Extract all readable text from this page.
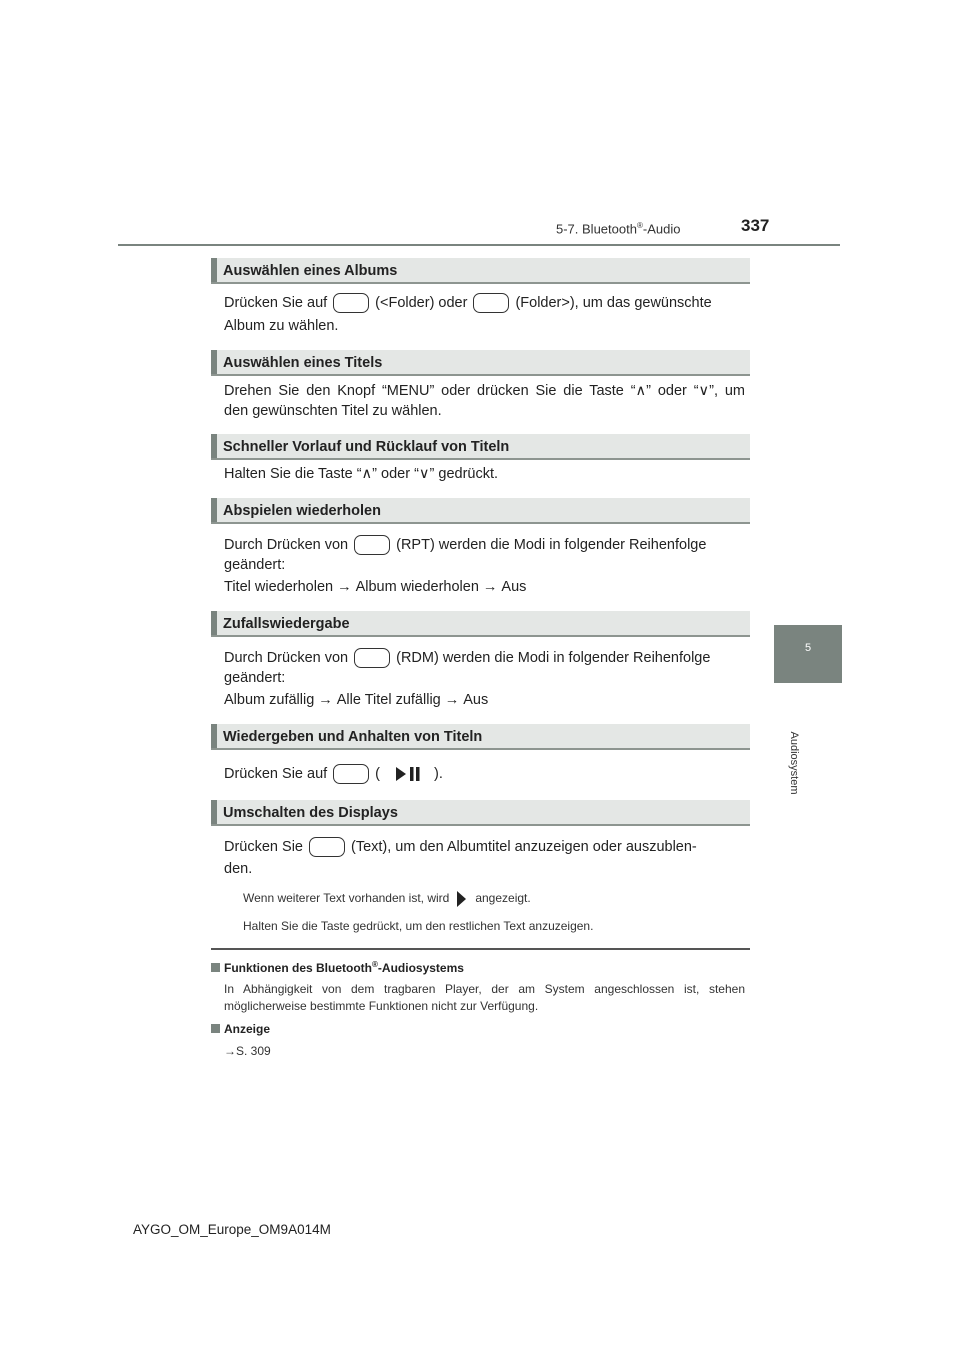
5-7. Bluetooth®-Audio	337
5
Audiosystem
Auswählen eines Albums
Drücken Sie auf	(<Folder) oder	(Folder>), um das gewünschte
Album zu wählen.
Auswählen eines Titels
Drehen Sie den Knopf “MENU” oder drücken Sie die Taste “∧” oder “∨”, um
den gewünschten Titel zu wählen.
Schneller Vorlauf und Rücklauf von Titeln
Halten Sie die Taste “∧” oder “∨” gedrückt.
Abspielen wiederholen
Durch Drücken von	(RPT) werden die Modi in folgender Reihenfolge
geändert:
Titel wiederholen → Album wiederholen → Aus
Zufallswiedergabe
Durch Drücken von	(RDM) werden die Modi in folgender Reihenfolge
geändert:
Album zufällig → Alle Titel zufällig → Aus
Wiedergeben und Anhalten von Titeln
Drücken Sie auf	(	).
Umschalten des Displays
Drücken Sie	(Text), um den Albumtitel anzuzeigen oder auszublen-
den.
Wenn weiterer Text vorhanden ist, wird angezeigt.
Halten Sie die Taste gedrückt, um den restlichen Text anzuzeigen.
Funktionen des Bluetooth®-Audiosystems
In Abhängigkeit von dem tragbaren Player, der am System angeschlossen ist, stehen möglicherweise bestimmte Funktionen nicht zur Verfügung.
Anzeige
→S. 309
AYGO_OM_Europe_OM9A014M
